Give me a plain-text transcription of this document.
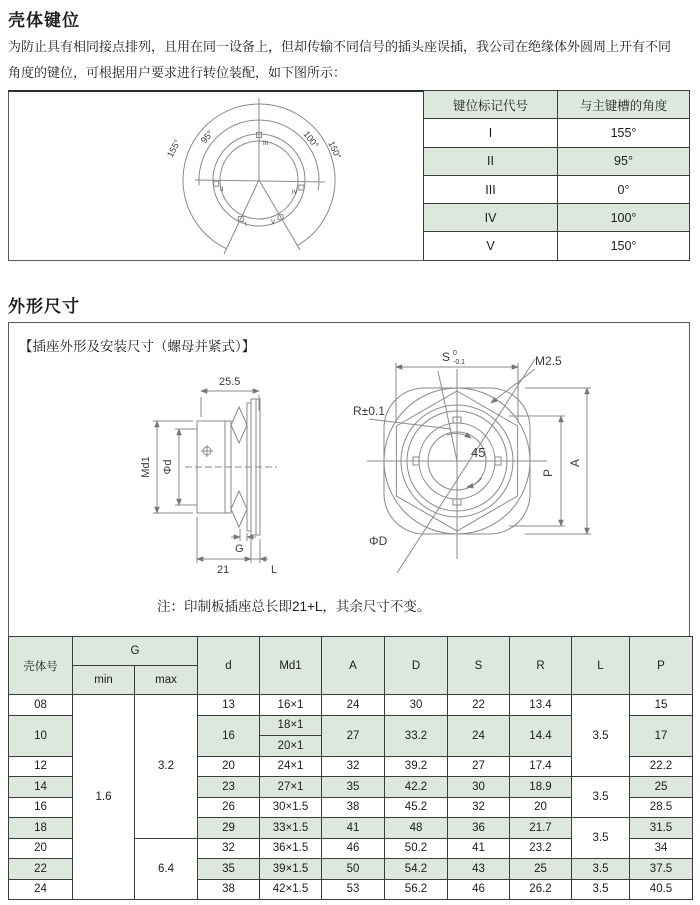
壳体键位
为防止具有相同接点排列，且用在同一设备上，但却传输不同信号的插头座误插，我公司在绝缘体外圆周上开有不同
角度的键位，可根据用户要求进行转位装配，如下图所示：
155°
95°	100°
150°
III
II
I
IV
V
键位标记代号	与主键槽的角度
I	155°
II	95°
III	0°
IV	100°
V	150°
外形尺寸
【插座外形及安装尺寸（螺母并紧式）】
25.5
Md1 Φd
G
21	L
S 0
-0.1	M2.5
R±0.1
45
P
A
ΦD
注：印制板插座总长即21+L，其余尺寸不变。
壳体号	G		d	Md1	A	D	S	R	L	P
	min	max								
08	1.6	3.2	13	16×1	24	30	22	13.4	3.5	15
10			16	18×1	27	33.2	24	14.4		17
				20×1						
12			20	24×1	32	39.2	27	17.4		22.2
14			23	27×1	35	42.2	30	18.9	3.5	25
16			26	30×1.5	38	45.2	32	20		28.5
18			29	33×1.5	41	48	36	21.7	3.5	31.5
20		6.4	32	36×1.5	46	50.2	41	23.2		34
22			35	39×1.5	50	54.2	43	25	3.5	37.5
24			38	42×1.5	53	56.2	46	26.2	3.5	40.5
